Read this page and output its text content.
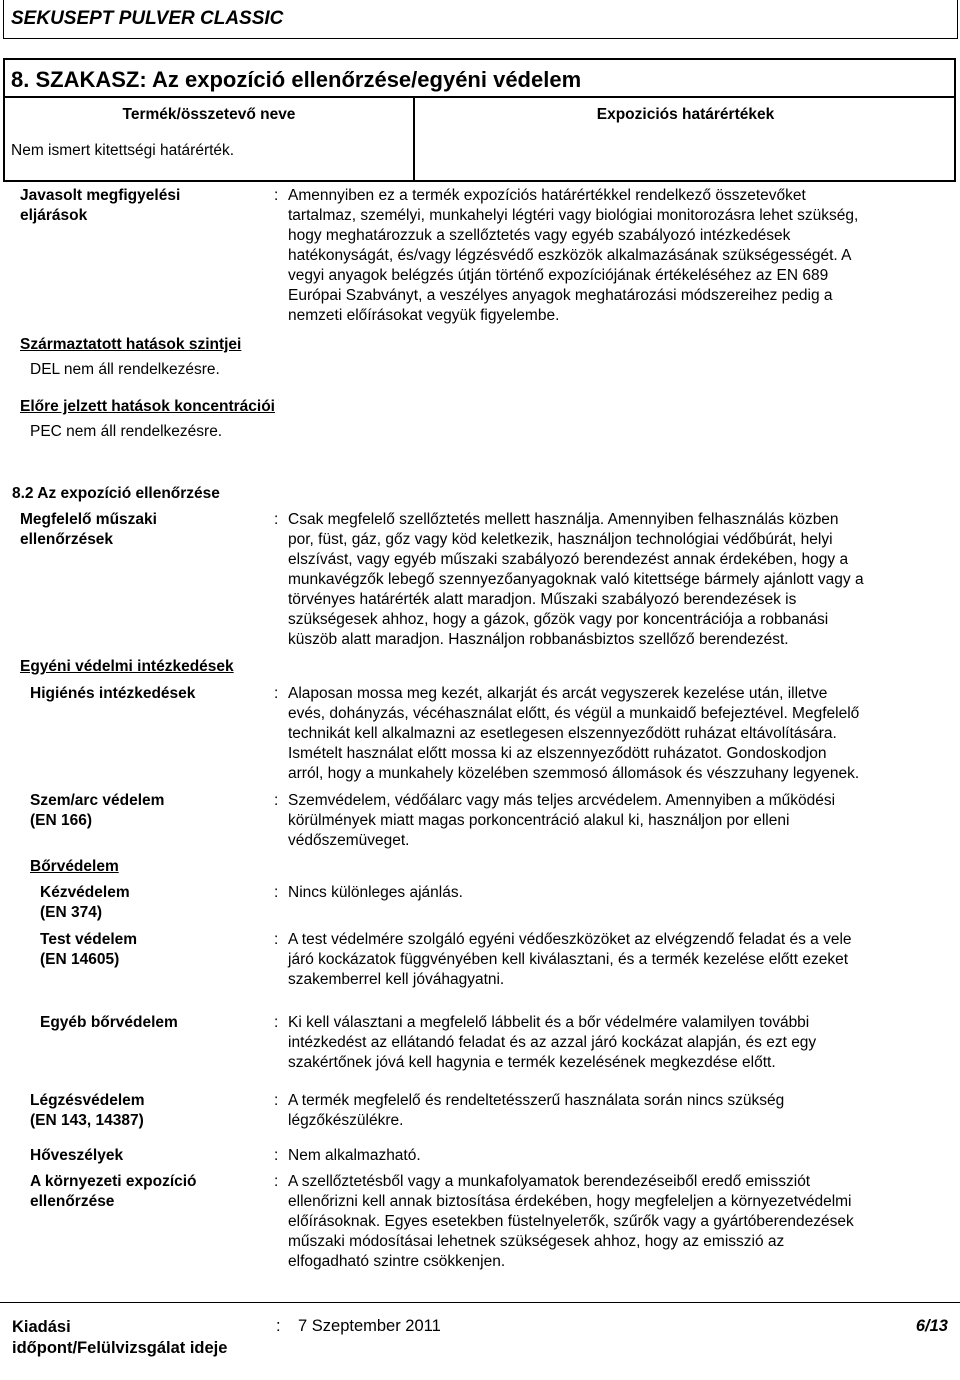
SEKUSEPT PULVER CLASSIC
8. SZAKASZ: Az expozíció ellenőrzése/egyéni védelem
Termék/összetevő neve	Expoziciós határértékek
Nem ismert kitettségi határérték.
Javasolt megfigyelési
eljárások
: Amennyiben ez a termék expozíciós határértékkel rendelkező összetevőket
tartalmaz, személyi, munkahelyi légtéri vagy biológiai monitorozásra lehet szükség,
hogy meghatározzuk a szellőztetés vagy egyéb szabályozó intézkedések
hatékonyságát, és/vagy légzésvédő eszközök alkalmazásának szükségességét. A
vegyi anyagok belégzés útján történő expozíciójának értékeléséhez az EN 689
Európai Szabványt, a veszélyes anyagok meghatározási módszereihez pedig a
nemzeti előírásokat vegyük figyelembe.
Származtatott hatások szintjei
DEL nem áll rendelkezésre.
Előre jelzett hatások koncentrációi
PEC nem áll rendelkezésre.
8.2 Az expozíció ellenőrzése
Megfelelő műszaki
ellenőrzések
: Csak megfelelő szellőztetés mellett használja. Amennyiben felhasználás közben
por, füst, gáz, gőz vagy köd keletkezik, használjon technológiai védőbúrát, helyi
elszívást, vagy egyéb műszaki szabályozó berendezést annak érdekében, hogy a
munkavégzők lebegő szennyezőanyagoknak való kitettsége bármely ajánlott vagy a
törvényes határérték alatt maradjon. Műszaki szabályozó berendezések is
szükségesek ahhoz, hogy a gázok, gőzök vagy por koncentrációja a robbanási
küszöb alatt maradjon. Használjon robbanásbiztos szellőző berendezést.
Egyéni védelmi intézkedések
Higiénés intézkedések	: Alaposan mossa meg kezét, alkarját és arcát vegyszerek kezelése után, illetve
evés, dohányzás, vécéhasználat előtt, és végül a munkaidő befejeztével. Megfelelő
technikát kell alkalmazni az esetlegesen elszennyeződött ruházat eltávolítására.
Ismételt használat előtt mossa ki az elszennyeződött ruházatot. Gondoskodjon
arról, hogy a munkahely közelében szemmosó állomások és vészzuhany legyenek.
Szem/arc védelem
(EN 166)
: Szemvédelem, védőálarc vagy más teljes arcvédelem. Amennyiben a működési
körülmények miatt magas porkoncentráció alakul ki, használjon por elleni
védőszemüveget.
Bőrvédelem
Kézvédelem
(EN 374)
: Nincs különleges ajánlás.
Test védelem
(EN 14605)
: A test védelmére szolgáló egyéni védőeszközöket az elvégzendő feladat és a vele
járó kockázatok függvényében kell kiválasztani, és a termék kezelése előtt ezeket
szakemberrel kell jóváhagyatni.
Egyéb bőrvédelem	: Ki kell választani a megfelelő lábbelit és a bőr védelmére valamilyen további
intézkedést az ellátandó feladat és az azzal járó kockázat alapján, és ezt egy
szakértőnek jóvá kell hagynia e termék kezelésének megkezdése előtt.
Légzésvédelem
(EN 143, 14387)
: A termék megfelelő és rendeltetésszerű használata során nincs szükség
légzőkészülékre.
Hőveszélyek	: Nem alkalmazható.
A környezeti expozíció
ellenőrzése
: A szellőztetésből vagy a munkafolyamatok berendezéseiből eredő emissziót
ellenőrizni kell annak biztosítása érdekében, hogy megfeleljen a környezetvédelmi
előírásoknak. Egyes esetekben füstelnyelетők, szűrők vagy a gyártóberendezések
műszaki módosításai lehetnek szükségesek ahhoz, hogy az emisszió az
elfogadható szintre csökkenjen.
Kiadási
időpont/Felülvizsgálat ideje
: 7 Szeptember 2011	6/13
